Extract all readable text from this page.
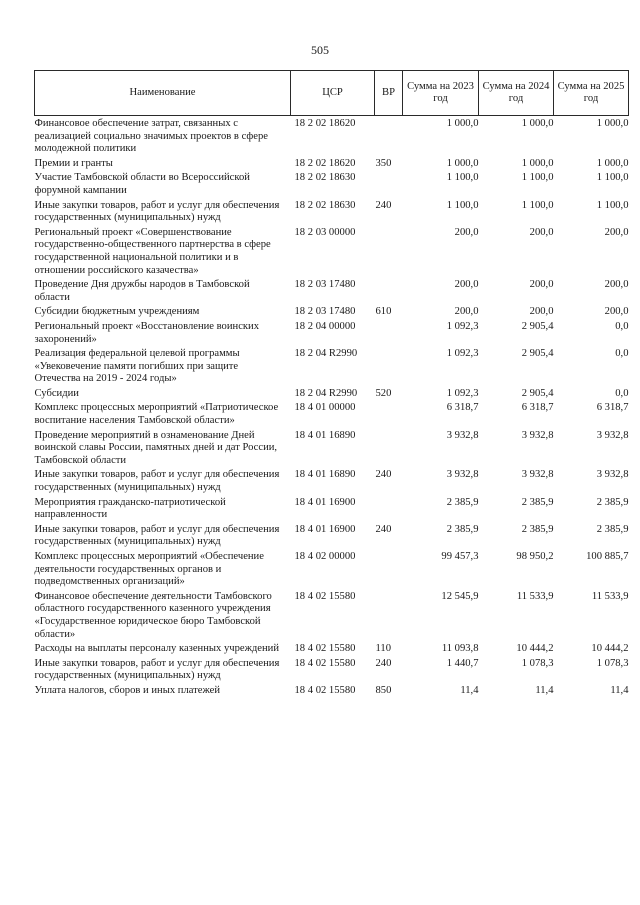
505
Наименование	ЦСР	ВР	Сумма на 2023 год	Сумма на 2024 год	Сумма на 2025 год
Финансовое обеспечение затрат, связанных с реализацией социально значимых проектов в сфере молодежной политики	18 2 02 18620		1 000,0	1 000,0	1 000,0
Премии и гранты	18 2 02 18620	350	1 000,0	1 000,0	1 000,0
Участие Тамбовской области во Всероссийской форумной кампании	18 2 02 18630		1 100,0	1 100,0	1 100,0
Иные закупки товаров, работ и услуг для обеспечения государственных (муниципальных) нужд	18 2 02 18630	240	1 100,0	1 100,0	1 100,0
Региональный проект «Совершенствование государственно-общественного партнерства в сфере государственной национальной политики и в отношении российского казачества»	18 2 03 00000		200,0	200,0	200,0
Проведение Дня дружбы народов в Тамбовской области	18 2 03 17480		200,0	200,0	200,0
Субсидии бюджетным учреждениям	18 2 03 17480	610	200,0	200,0	200,0
Региональный проект «Восстановление воинских захоронений»	18 2 04 00000		1 092,3	2 905,4	0,0
Реализация федеральной целевой программы «Увековечение памяти погибших при защите Отечества на 2019 - 2024 годы»	18 2 04 R2990		1 092,3	2 905,4	0,0
Субсидии	18 2 04 R2990	520	1 092,3	2 905,4	0,0
Комплекс процессных мероприятий «Патриотическое воспитание населения Тамбовской области»	18 4 01 00000		6 318,7	6 318,7	6 318,7
Проведение мероприятий в ознаменование Дней воинской славы России, памятных дней и дат России, Тамбовской области	18 4 01 16890		3 932,8	3 932,8	3 932,8
Иные закупки товаров, работ и услуг для обеспечения государственных (муниципальных) нужд	18 4 01 16890	240	3 932,8	3 932,8	3 932,8
Мероприятия гражданско-патриотической направленности	18 4 01 16900		2 385,9	2 385,9	2 385,9
Иные закупки товаров, работ и услуг для обеспечения государственных (муниципальных) нужд	18 4 01 16900	240	2 385,9	2 385,9	2 385,9
Комплекс процессных мероприятий «Обеспечение деятельности государственных органов и подведомственных организаций»	18 4 02 00000		99 457,3	98 950,2	100 885,7
Финансовое обеспечение деятельности Тамбовского областного государственного казенного учреждения «Государственное юридическое бюро Тамбовской области»	18 4 02 15580		12 545,9	11 533,9	11 533,9
Расходы на выплаты персоналу казенных учреждений	18 4 02 15580	110	11 093,8	10 444,2	10 444,2
Иные закупки товаров, работ и услуг для обеспечения государственных (муниципальных) нужд	18 4 02 15580	240	1 440,7	1 078,3	1 078,3
Уплата налогов, сборов и иных платежей	18 4 02 15580	850	11,4	11,4	11,4
